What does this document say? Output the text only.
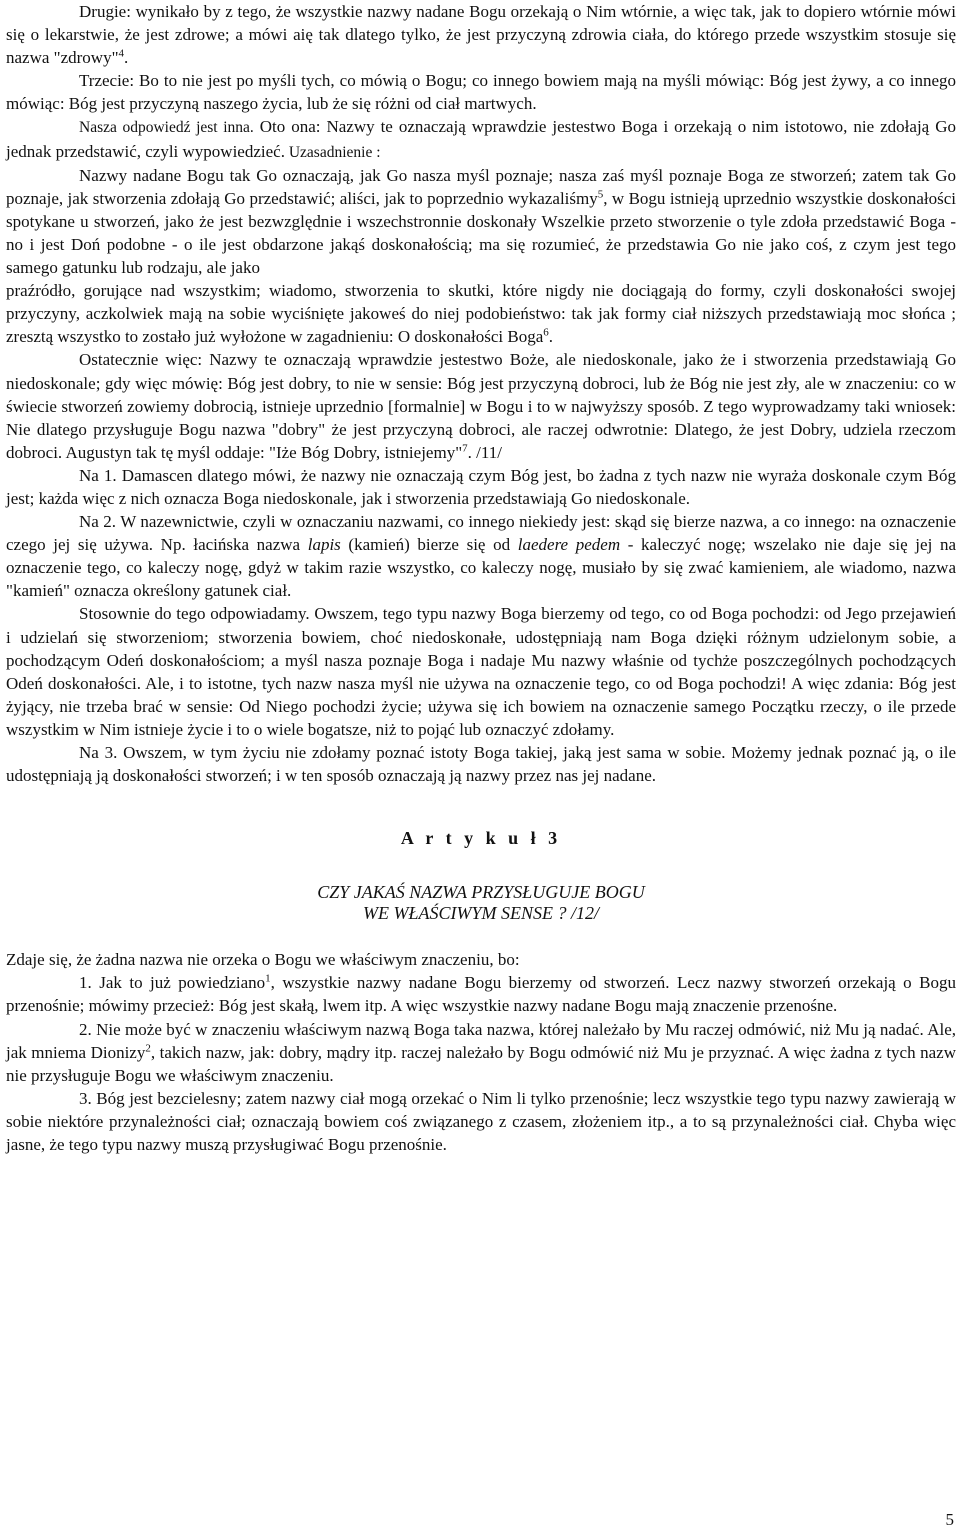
Drugie: wynikało by z tego, że wszystkie nazwy nadane Bogu orzekają o Nim wtórnie, a więc tak, jak to dopiero wtórnie mówi się o lekarstwie, że jest zdrowe; a mówi aię tak dlatego tylko, że jest przyczyną zdrowia ciała, do którego przede wszystkim stosuje się nazwa "zdrowy"$^4$.

Trzecie: Bo to nie jest po myśli tych, co mówią o Bogu; co innego bowiem mają na myśli mówiąc: Bóg jest żywy, a co innego mówiąc: Bóg jest przyczyną naszego życia, lub że się różni od ciał martwych.

Nasza odpowiedź jest inna. Oto ona: Nazwy te oznaczają wprawdzie jestestwo Boga i orzekają o nim istotowo, nie zdołają Go jednak przedstawić, czyli wypowiedzieć. Uzasadnienie :

Nazwy nadane Bogu tak Go oznaczają, jak Go nasza myśl poznaje; nasza zaś myśl poznaje Boga ze stworzeń; zatem tak Go poznaje, jak stworzenia zdołają Go przedstawić; aliści, jak to poprzednio wykazaliśmy$^5$, w Bogu istnieją uprzednio wszystkie doskonałości spotykane u stworzeń, jako że jest bezwzględnie i wszechstronnie doskonały Wszelkie przeto stworzenie o tyle zdoła przedstawić Boga - no i jest Doń podobne - o ile jest obdarzone jakąś doskonałością; ma się rozumieć, że przedstawia Go nie jako coś, z czym jest tego samego gatunku lub rodzaju, ale jako

praźródło, gorujące nad wszystkim; wiadomo, stworzenia to skutki, które nigdy nie dociągają do formy, czyli doskonałości swojej przyczyny, aczkolwiek mają na sobie wyciśnięte jakoweś do niej podobieństwo: tak jak formy ciał niższych przedstawiają moc słońca ; zresztą wszystko to zostało już wyłożone w zagadnieniu: O doskonałości Boga$^6$.

Ostatecznie więc: Nazwy te oznaczają wprawdzie jestestwo Boże, ale niedoskonale, jako że i stworzenia przedstawiają Go niedoskonale; gdy więc mówię: Bóg jest dobry, to nie w sensie: Bóg jest przyczyną dobroci, lub że Bóg nie jest zły, ale w znaczeniu: co w świecie stworzeń zowiemy dobrocią, istnieje uprzednio [formalnie] w Bogu i to w najwyższy sposób. Z tego wyprowadzamy taki wniosek: Nie dlatego przysługuje Bogu nazwa "dobry" że jest przyczyną dobroci, ale raczej odwrotnie: Dlatego, że jest Dobry, udziela rzeczom dobroci. Augustyn tak tę myśl oddaje: "Iże Bóg Dobry, istniejemy"$^7$. /11/

Na 1. Damascen dlatego mówi, że nazwy nie oznaczają czym Bóg jest, bo żadna z tych nazw nie wyraża doskonale czym Bóg jest; każda więc z nich oznacza Boga niedoskonale, jak i stworzenia przedstawiają Go niedoskonale.

Na 2. W nazewnictwie, czyli w oznaczaniu nazwami, co innego niekiedy jest: skąd się bierze nazwa, a co innego: na oznaczenie czego jej się używa. Np. łacińska nazwa lapis (kamień) bierze się od laedere pedem - kaleczyć nogę; wszelako nie daje się jej na oznaczenie tego, co kaleczy nogę, gdyż w takim razie wszystko, co kaleczy nogę, musiało by się zwać kamieniem, ale wiadomo, nazwa "kamień" oznacza określony gatunek ciał.

Stosownie do tego odpowiadamy. Owszem, tego typu nazwy Boga bierzemy od tego, co od Boga pochodzi: od Jego przejawień i udzielań się stworzeniom; stworzenia bowiem, choć niedoskonałe, udostępniają nam Boga dzięki różnym udzielonym sobie, a pochodzącym Odeń doskonałościom; a myśl nasza poznaje Boga i nadaje Mu nazwy właśnie od tychże poszczególnych pochodzących Odeń doskonałości. Ale, i to istotne, tych nazw nasza myśl nie używa na oznaczenie tego, co od Boga pochodzi! A więc zdania: Bóg jest żyjący, nie trzeba brać w sensie: Od Niego pochodzi życie; używa się ich bowiem na oznaczenie samego Początku rzeczy, o ile przede wszystkim w Nim istnieje życie i to o wiele bogatsze, niż to pojąć lub oznaczyć zdołamy.

Na 3. Owszem, w tym życiu nie zdołamy poznać istoty Boga takiej, jaką jest sama w sobie. Możemy jednak poznać ją, o ile udostępniają ją doskonałości stworzeń; i w ten sposób oznaczają ją nazwy przez nas jej nadane.

A r t y k u ł 3

CZY JAKAŚ NAZWA PRZYSŁUGUJE BOGU
WE WŁAŚCIWYM SENSE ? /12/

Zdaje się, że żadna nazwa nie orzeka o Bogu we właściwym znaczeniu, bo:

1. Jak to już powiedziano$^1$, wszystkie nazwy nadane Bogu bierzemy od stworzeń. Lecz nazwy stworzeń orzekają o Bogu przenośnie; mówimy przecież: Bóg jest skałą, lwem itp. A więc wszystkie nazwy nadane Bogu mają znaczenie przenośne.

2. Nie może być w znaczeniu właściwym nazwą Boga taka nazwa, której należało by Mu raczej odmówić, niż Mu ją nadać. Ale, jak mniema Dionizy$^2$, takich nazw, jak: dobry, mądry itp. raczej należało by Bogu odmówić niż Mu je przyznać. A więc żadna z tych nazw nie przysługuje Bogu we właściwym znaczeniu.

3. Bóg jest bezcielesny; zatem nazwy ciał mogą orzekać o Nim li tylko przenośnie; lecz wszystkie tego typu nazwy zawierają w sobie niektóre przynależności ciał; oznaczają bowiem coś związanego z czasem, złożeniem itp., a to są przynależności ciał. Chyba więc jasne, że tego typu nazwy muszą przysługiwać Bogu przenośnie.

5
